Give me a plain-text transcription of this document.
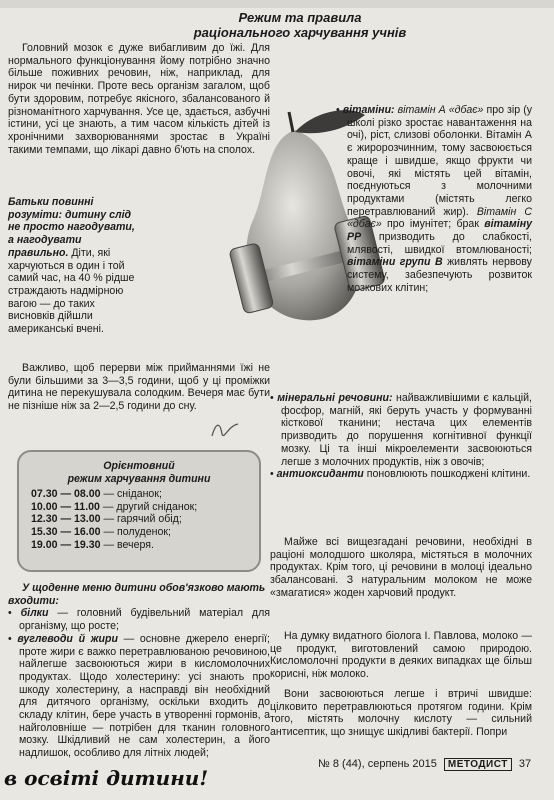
Режим та правила
раціонального харчування учнів
Головний мозок є дуже вибагливим до їжі. Для нормального функціонування йому потрібно значно більше поживних речовин, ніж, наприклад, для нирок чи печінки. Проте весь організм загалом, щоб бути здоровим, потребує якісного, збалансованого й різноманітного харчування. Усе це, здається, азбучні істини, усі це знають, а тим часом кількість дітей із хронічними захворюваннями зростає в Україні такими темпами, що лікарі давно б'ють на сполох.
Батьки повинні розуміти: дитину слід не просто нагодувати, а нагодувати правильно. Діти, які харчуються в один і той самий час, на 40 % рідше страждають надмірною вагою — до таких висновків дійшли американські вчені.
Важливо, щоб перерви між прийманнями їжі не були більшими за 3—3,5 години, щоб у ці проміжки дитина не перекушувала солодким. Вечеря має бути не пізніше ніж за 2—2,5 години до сну.
Орієнтовний
режим харчування дитини
07.30 — 08.00 — сніданок;
10.00 — 11.00 — другий сніданок;
12.30 — 13.00 — гарячий обід;
15.30 — 16.00 — полуденок;
19.00 — 19.30 — вечеря.

У щоденне меню дитини обов'язково мають входити:

• білки — головний будівельний матеріал для організму, що росте;

• вуглеводи й жири — основне джерело енергії; проте жири є важко перетравлюваною речовиною, найлегше засвоюються жири в кисломолочних продуктах. Щодо холестерину: усі знають про шкоду холестерину, а насправді він необхідний для дитячого організму, оскільки входить до складу клітин, бере участь в утворенні гормонів, а найголовніше — потрібен для тканин головного мозку. Шкідливий не сам холестерин, а його надлишок, особливо для літніх людей;

• вітаміни: вітамін А «дбає» про зір (у школі різко зростає навантаження на очі), ріст, слизові оболонки. Вітамін А є жиророзчинним, тому засвоюється краще і швидше, якщо фрукти чи овочі, які містять цей вітамін, поєднуються з молочними продуктами (містять легко перетравлюваний жир). Вітамін С «дбає» про імунітет; брак вітаміну РР призводить до слабкості, млявості, швидкої втомлюваності; вітаміни групи В живлять нервову систему, забезпечують розвиток мозкових клітин;

• мінеральні речовини: найважливішими є кальцій, фосфор, магній, які беруть участь у формуванні кісткової тканини; нестача цих елементів призводить до порушення когнітивної функції мозку. Ці та інші мікроелементи засвоюються легше з молочних продуктів, ніж з овочів;

• антиоксиданти поновлюють пошкоджені клітини.

Майже всі вищезгадані речовини, необхідні в раціоні молодшого школяра, містяться в молочних продуктах. Крім того, ці речовини в молоці ідеально збалансовані. З натуральним молоком не може «змагатися» жоден харчовий продукт.
На думку видатного біолога І. Павлова, молоко — це продукт, виготовлений самою природою. Кисломолочні продукти в деяких випадках ще більш корисні, ніж молоко.
Вони засвоюються легше і втричі швидше: цілковито перетравлюються протягом години. Крім того, містять молочну кислоту — сильний антисептик, що знищує шкідливі бактерії. Попри
в освіті дитини!
№ 8 (44), серпень 2015 МЕТОДИСТ 37
